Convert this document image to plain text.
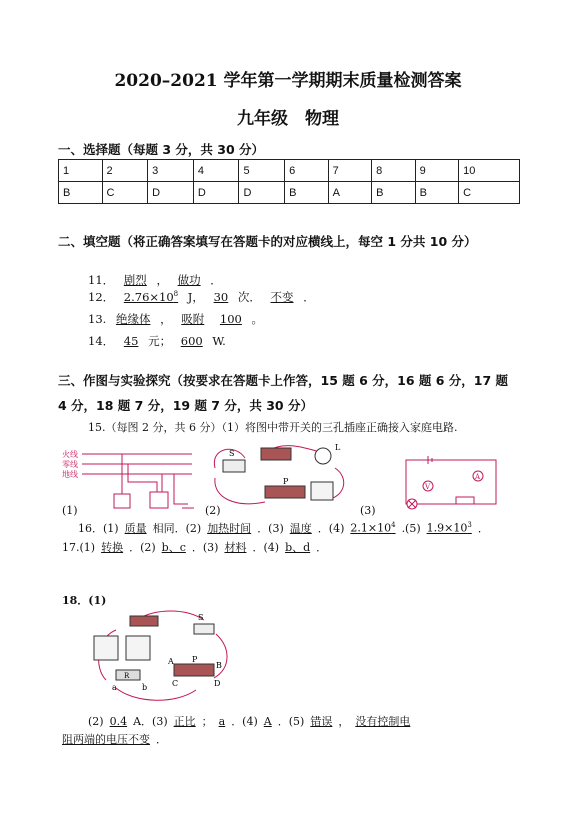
2020–2021 学年第一学期期末质量检测答案
九年级　物理
一、选择题（每题 3 分，共 30 分）
1	2	3	4	5	6	7	8	9	10
B	C	D	D	D	B	A	B	B	C
二、填空题（将正确答案填写在答题卡的对应横线上，每空 1 分共 10 分）
11． 剧烈 ， 做功 ．
12． $2.76\times 10^8$ J， 30 次． 不变 ．
13. 绝缘体 ， 吸附 100 。
14． 45 元； 600 W.
三、作图与实验探究（按要求在答题卡上作答，15 题 6 分，16 题 6 分，17 题
4 分，18 题 7 分，19 题 7 分，共 30 分）
15.（每图 2 分，共 6 分）（1）将图中带开关的三孔插座正确接入家庭电路.
火线
零线
地线
S
L
P	A
V
(1)	(2)	(3)
16．(1) 质量 相同．(2) 加热时间 ．(3) 温度 ．(4) $2.1\times 10^4$ .(5) $1.9\times 10^3$ ．
17.(1) 转换 ．(2) b、c ．(3) 材料 ．(4) b、d ．
18．(1)
S
A P
B
C	D
a	b
R
(2) 0.4 A．(3) 正比 ； a ．(4) A ．(5) 错误 ， 没有控制电
阻两端的电压不变 ．
